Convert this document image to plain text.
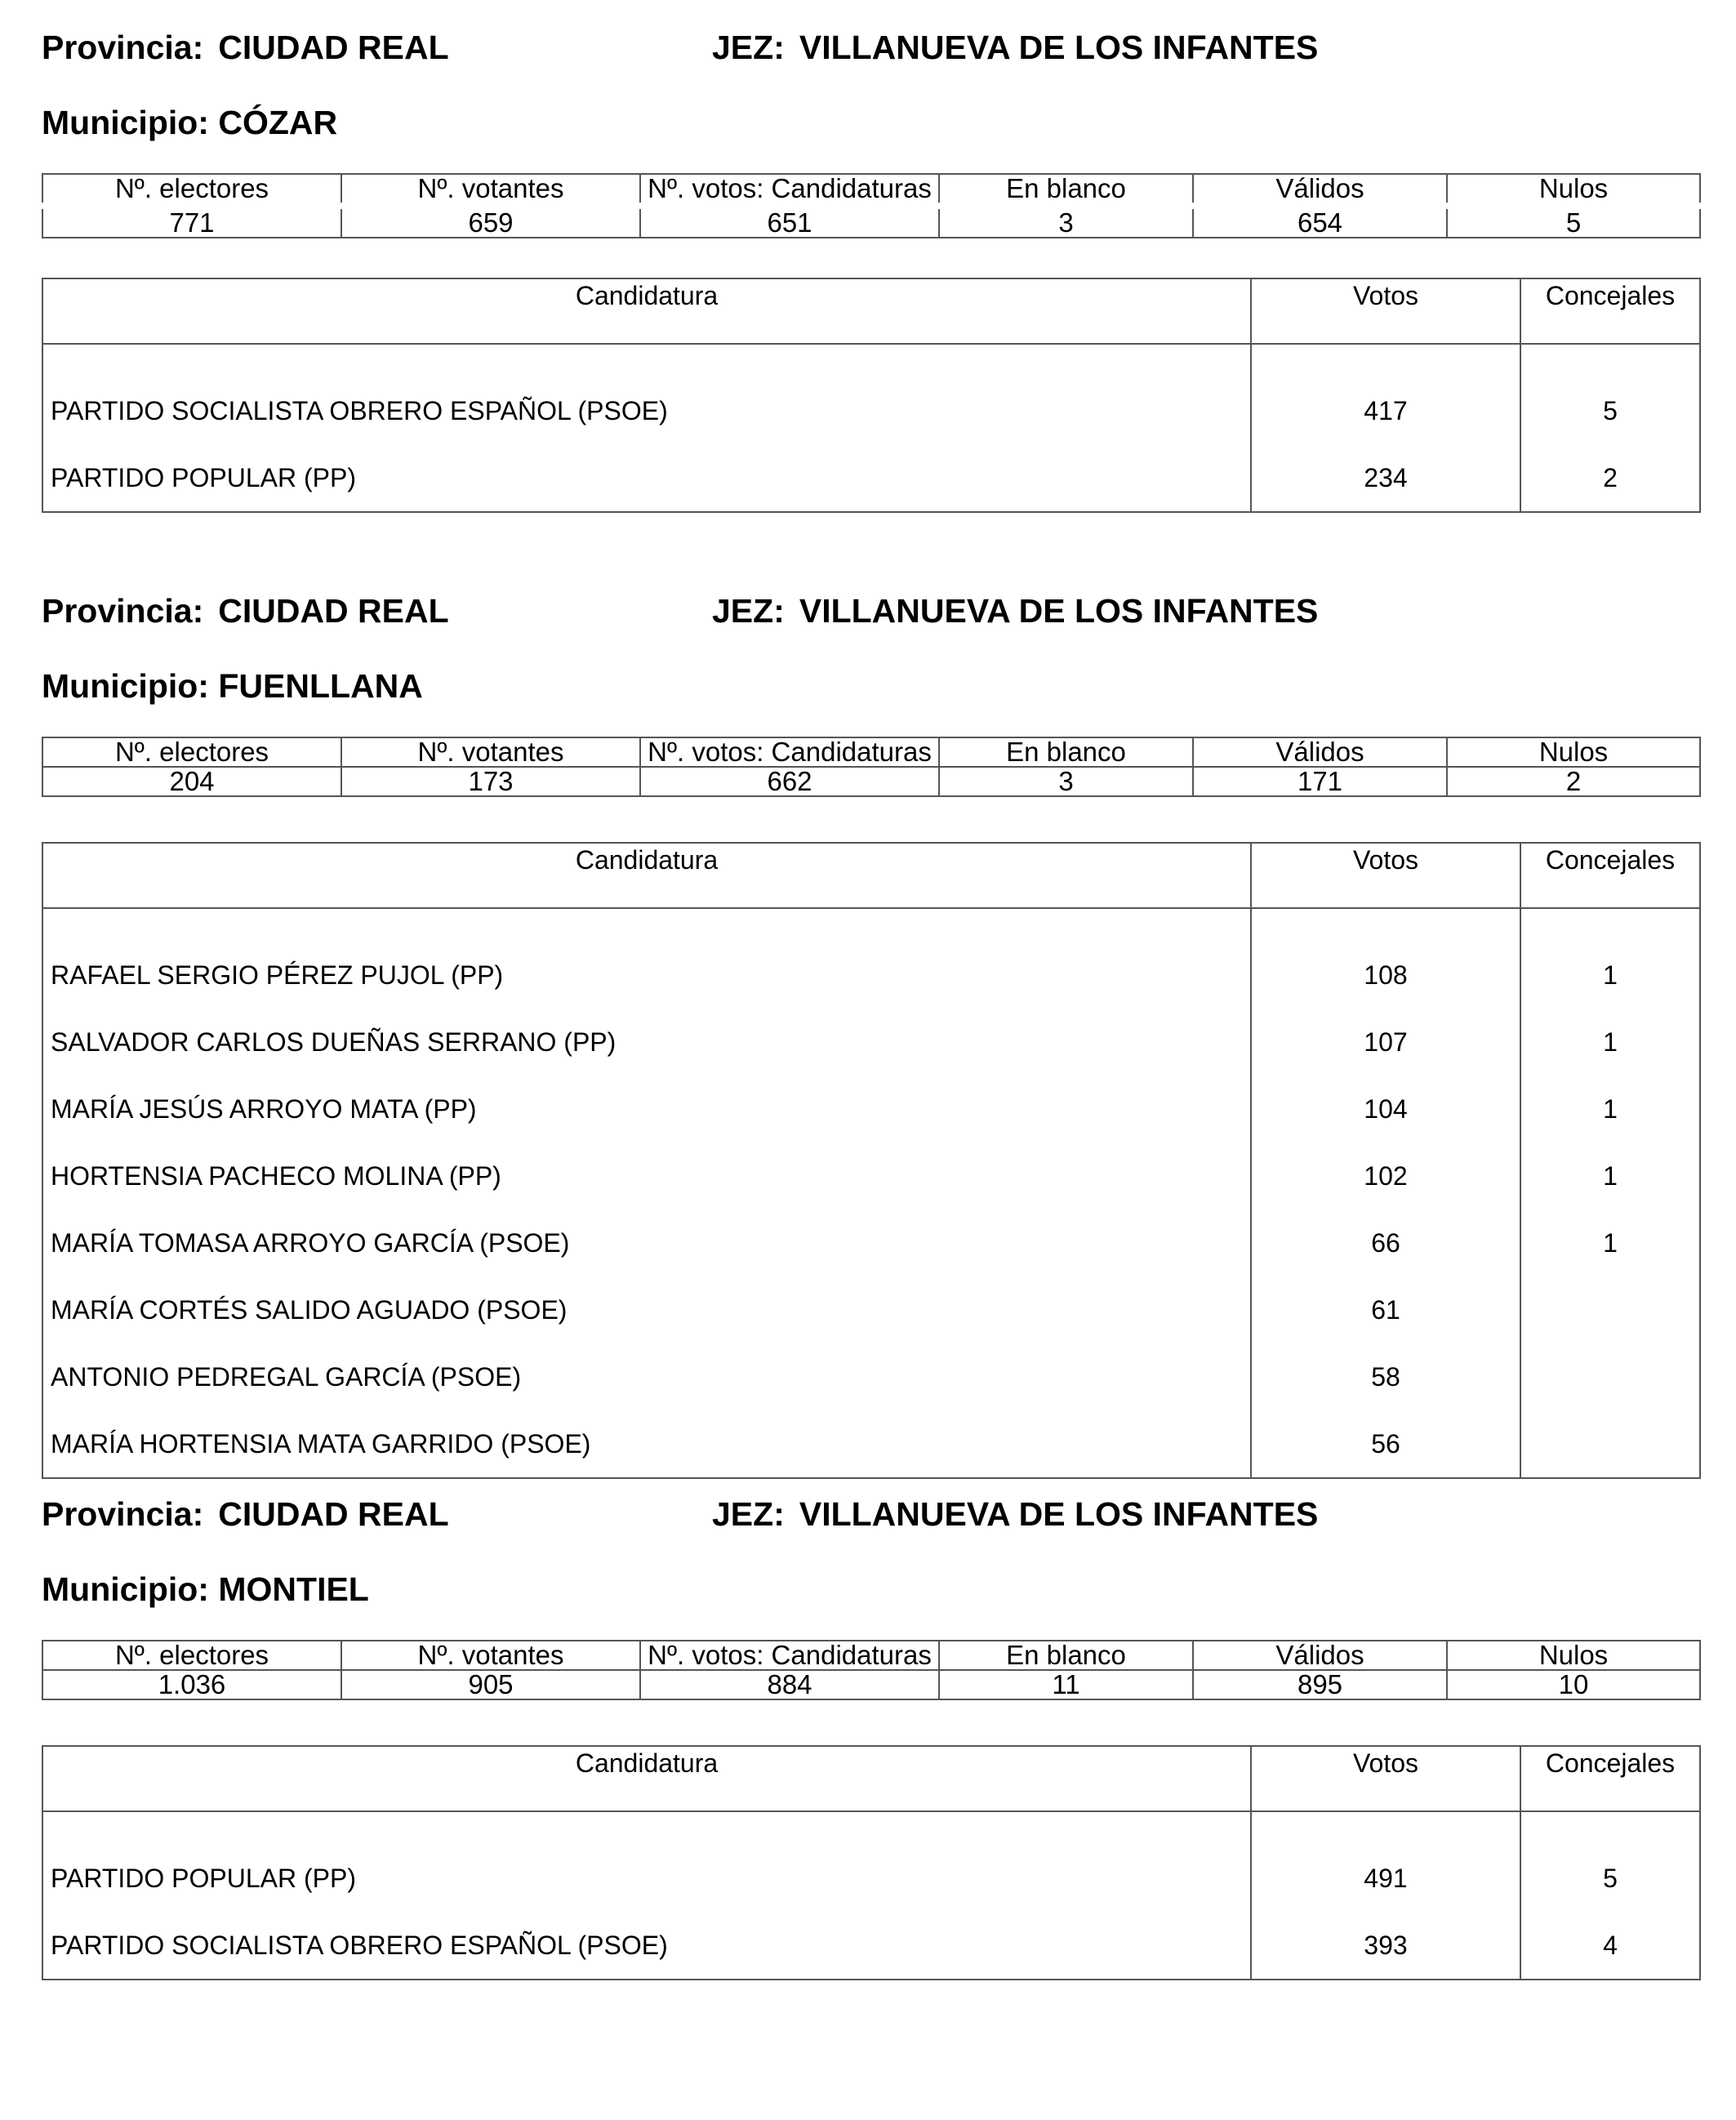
Provincia: CIUDAD REAL	JEZ: VILLANUEVA DE LOS INFANTES
Municipio: CÓZAR
Nº. electores	Nº. votantes	Nº. votos: Candidaturas	En blanco	Válidos	Nulos
771	659	651	3	654	5
Candidatura	Votos	Concejales
PARTIDO SOCIALISTA OBRERO ESPAÑOL (PSOE)	417	5
PARTIDO POPULAR (PP)	234	2
Provincia: CIUDAD REAL	JEZ: VILLANUEVA DE LOS INFANTES
Municipio: FUENLLANA
Nº. electores	Nº. votantes	Nº. votos: Candidaturas	En blanco	Válidos	Nulos
204	173	662	3	171	2
Candidatura	Votos	Concejales
RAFAEL SERGIO PÉREZ PUJOL (PP)	108	1
SALVADOR CARLOS DUEÑAS SERRANO (PP)	107	1
MARÍA JESÚS ARROYO MATA (PP)	104	1
HORTENSIA PACHECO MOLINA (PP)	102	1
MARÍA TOMASA ARROYO GARCÍA (PSOE)	66	1
MARÍA CORTÉS SALIDO AGUADO (PSOE)	61	
ANTONIO PEDREGAL GARCÍA (PSOE)	58	
MARÍA HORTENSIA MATA GARRIDO (PSOE)	56	
Provincia: CIUDAD REAL	JEZ: VILLANUEVA DE LOS INFANTES
Municipio: MONTIEL
Nº. electores	Nº. votantes	Nº. votos: Candidaturas	En blanco	Válidos	Nulos
1.036	905	884	11	895	10
Candidatura	Votos	Concejales
PARTIDO POPULAR (PP)	491	5
PARTIDO SOCIALISTA OBRERO ESPAÑOL (PSOE)	393	4
